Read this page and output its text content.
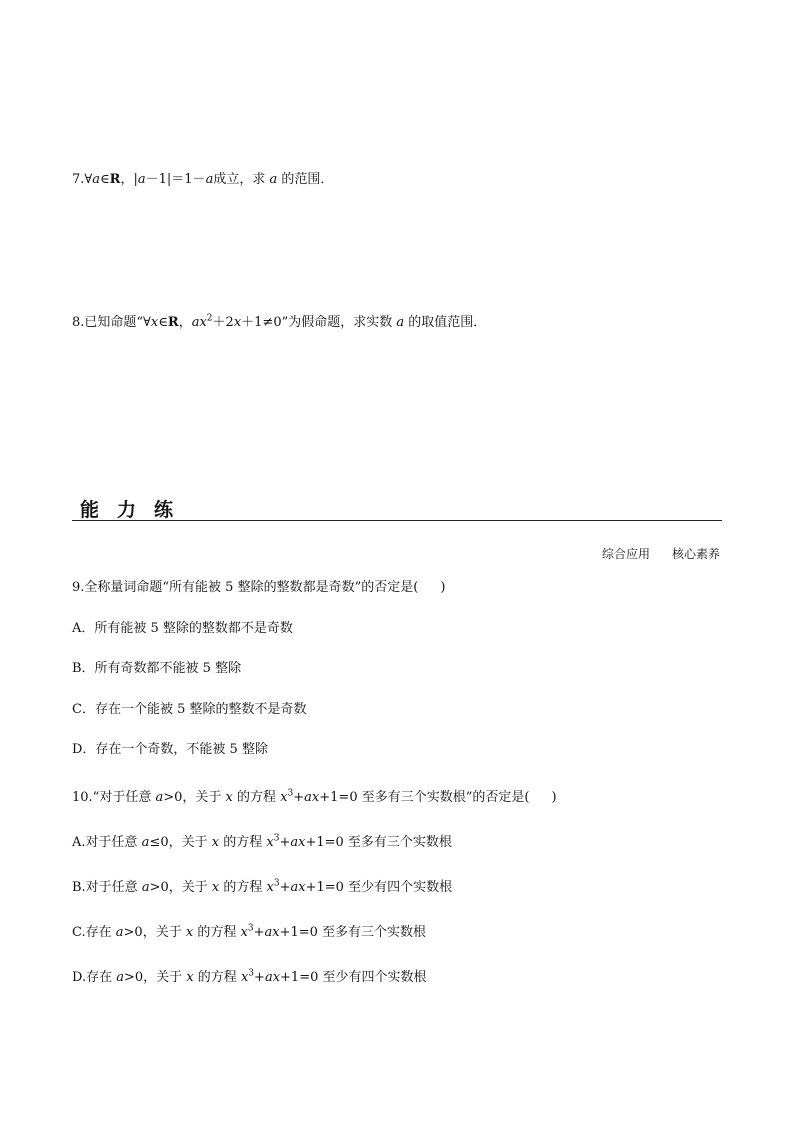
7.∀a∈R，|a－1|＝1－a成立，求 a 的范围．
8.已知命题“∀x∈R，$ax^2+2x+1\ne 0$”为假命题，求实数 a 的取值范围．
能力练
综合应用 核心素养
9.全称量词命题“所有能被 5 整除的整数都是奇数”的否定是( )
A．所有能被 5 整除的整数都不是奇数
B．所有奇数都不能被 5 整除
C．存在一个能被 5 整除的整数不是奇数
D．存在一个奇数，不能被 5 整除
10.“对于任意 a>0，关于 x 的方程 $x^3+ax+1=0$ 至多有三个实数根”的否定是( )
A.对于任意 a≤0，关于 x 的方程 $x^3+ax+1=0$ 至多有三个实数根
B.对于任意 a>0，关于 x 的方程 $x^3+ax+1=0$ 至少有四个实数根
C.存在 a>0，关于 x 的方程 $x^3+ax+1=0$ 至多有三个实数根
D.存在 a>0，关于 x 的方程 $x^3+ax+1=0$ 至少有四个实数根
